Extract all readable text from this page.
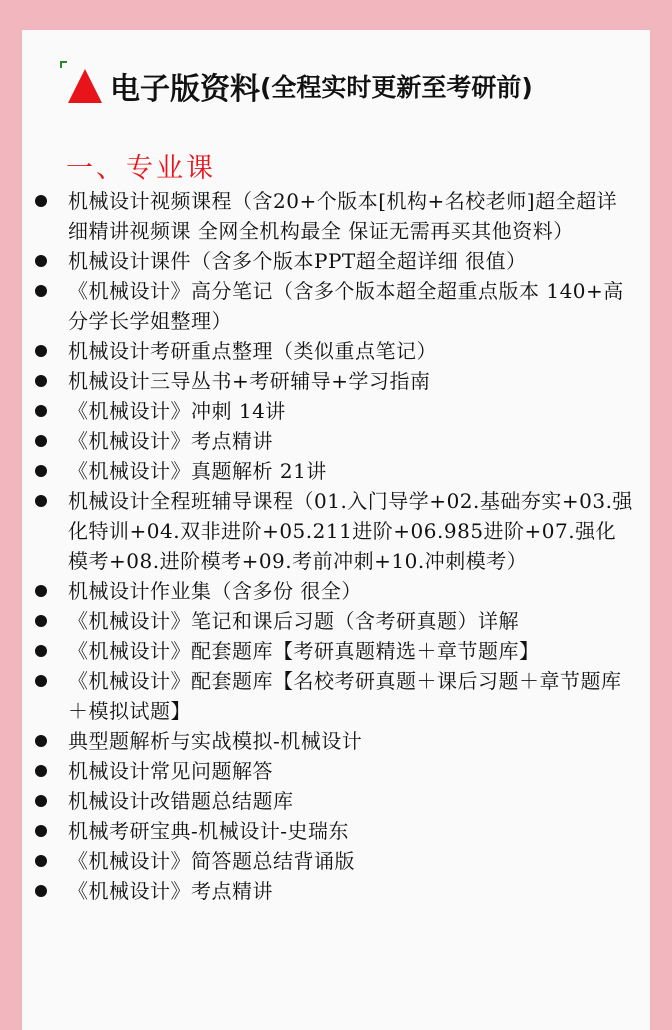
电子版资料 (全程实时更新至考研前)
一、专业课
机械设计视频课程（含20+个版本[机构+名校老师]超全超详细精讲视频课 全网全机构最全 保证无需再买其他资料）
机械设计课件（含多个版本PPT超全超详细 很值）
《机械设计》高分笔记（含多个版本超全超重点版本 140+高分学长学姐整理）
机械设计考研重点整理（类似重点笔记）
机械设计三导丛书+考研辅导+学习指南
《机械设计》冲刺 14讲
《机械设计》考点精讲
《机械设计》真题解析 21讲
机械设计全程班辅导课程（01.入门导学+02.基础夯实+03.强化特训+04.双非进阶+05.211进阶+06.985进阶+07.强化模考+08.进阶模考+09.考前冲刺+10.冲刺模考）
机械设计作业集（含多份 很全）
《机械设计》笔记和课后习题（含考研真题）详解
《机械设计》配套题库【考研真题精选＋章节题库】
《机械设计》配套题库【名校考研真题＋课后习题＋章节题库＋模拟试题】
典型题解析与实战模拟-机械设计
机械设计常见问题解答
机械设计改错题总结题库
机械考研宝典-机械设计-史瑞东
《机械设计》简答题总结背诵版
《机械设计》考点精讲
